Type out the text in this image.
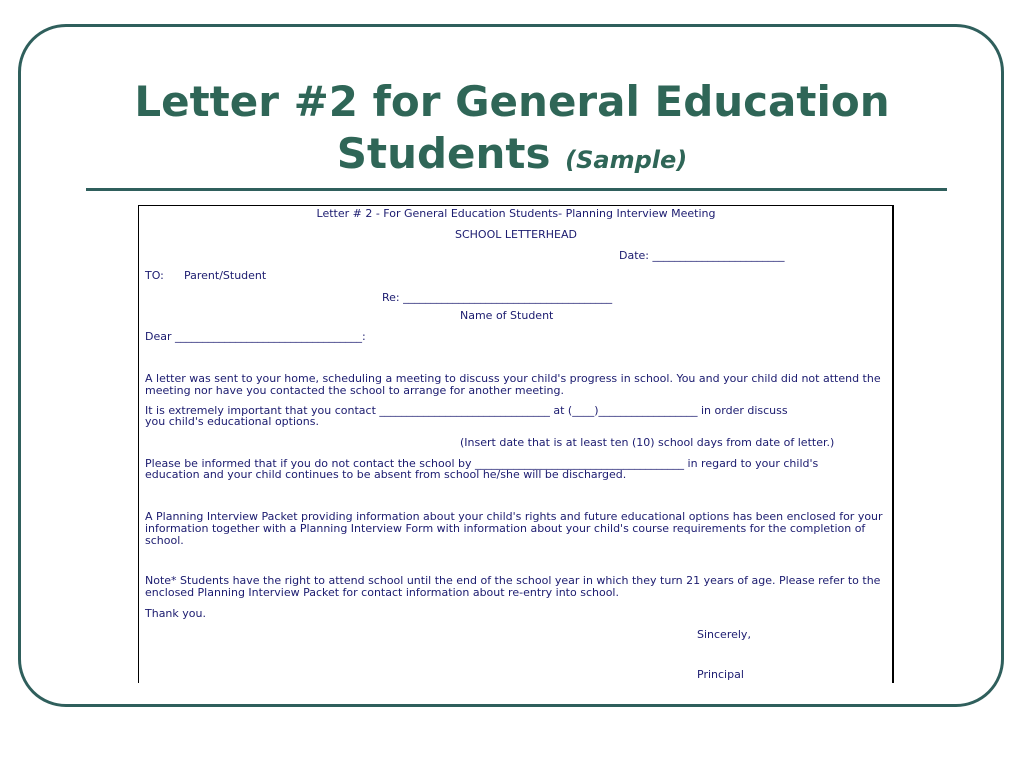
Letter #2 for General Education
Students (Sample)
Letter # 2 - For General Education Students- Planning Interview Meeting
SCHOOL LETTERHEAD
Date: ________________________
TO: Parent/Student
Re: ______________________________________
Name of Student
Dear __________________________________:
A letter was sent to your home, scheduling a meeting to discuss your child's progress in school. You and your child did not attend the meeting nor have you contacted the school to arrange for another meeting.
It is extremely important that you contact _______________________________ at (____)__________________ in order discuss
you child's educational options.
(Insert date that is at least ten (10) school days from date of letter.)
Please be informed that if you do not contact the school by ______________________________________ in regard to your child's
education and your child continues to be absent from school he/she will be discharged.
A Planning Interview Packet providing information about your child's rights and future educational options has been enclosed for your information together with a Planning Interview Form with information about your child's course requirements for the completion of school.
Note* Students have the right to attend school until the end of the school year in which they turn 21 years of age. Please refer to the enclosed Planning Interview Packet for contact information about re-entry into school.
Thank you.
Sincerely,
Principal
